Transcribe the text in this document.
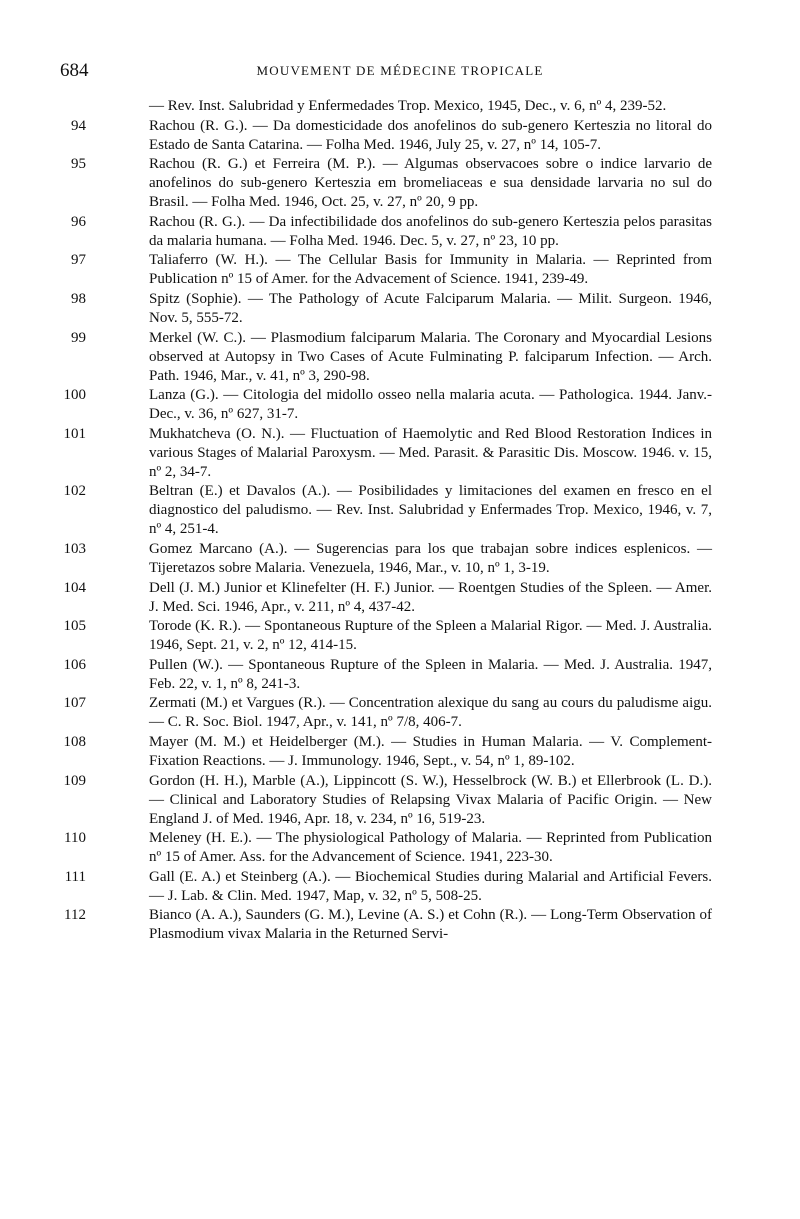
684	MOUVEMENT DE MÉDECINE TROPICALE
— Rev. Inst. Salubridad y Enfermedades Trop. Mexico, 1945, Dec., v. 6, nº 4, 239-52.
94	Rachou (R. G.). — Da domesticidade dos anofelinos do sub-genero Kerteszia no litoral do Estado de Santa Catarina. — Folha Med. 1946, July 25, v. 27, nº 14, 105-7.
95	Rachou (R. G.) et Ferreira (M. P.). — Algumas observacoes sobre o indice larvario de anofelinos do sub-genero Kerteszia em bromeliaceas e sua densidade larvaria no sul do Brasil. — Folha Med. 1946, Oct. 25, v. 27, nº 20, 9 pp.
96	Rachou (R. G.). — Da infectibilidade dos anofelinos do sub-genero Kerteszia pelos parasitas da malaria humana. — Folha Med. 1946. Dec. 5, v. 27, nº 23, 10 pp.
97	Taliaferro (W. H.). — The Cellular Basis for Immunity in Malaria. — Reprinted from Publication nº 15 of Amer. for the Advacement of Science. 1941, 239-49.
98	Spitz (Sophie). — The Pathology of Acute Falciparum Malaria. — Milit. Surgeon. 1946, Nov. 5, 555-72.
99	Merkel (W. C.). — Plasmodium falciparum Malaria. The Coronary and Myocardial Lesions observed at Autopsy in Two Cases of Acute Fulminating P. falciparum Infection. — Arch. Path. 1946, Mar., v. 41, nº 3, 290-98.
100	Lanza (G.). — Citologia del midollo osseo nella malaria acuta. — Pathologica. 1944. Janv.-Dec., v. 36, nº 627, 31-7.
101	Mukhatcheva (O. N.). — Fluctuation of Haemolytic and Red Blood Restoration Indices in various Stages of Malarial Paroxysm. — Med. Parasit. & Parasitic Dis. Moscow. 1946. v. 15, nº 2, 34-7.
102	Beltran (E.) et Davalos (A.). — Posibilidades y limitaciones del examen en fresco en el diagnostico del paludismo. — Rev. Inst. Salubridad y Enfermades Trop. Mexico, 1946, v. 7, nº 4, 251-4.
103	Gomez Marcano (A.). — Sugerencias para los que trabajan sobre indices esplenicos. — Tijeretazos sobre Malaria. Venezuela, 1946, Mar., v. 10, nº 1, 3-19.
104	Dell (J. M.) Junior et Klinefelter (H. F.) Junior. — Roentgen Studies of the Spleen. — Amer. J. Med. Sci. 1946, Apr., v. 211, nº 4, 437-42.
105	Torode (K. R.). — Spontaneous Rupture of the Spleen a Malarial Rigor. — Med. J. Australia. 1946, Sept. 21, v. 2, nº 12, 414-15.
106	Pullen (W.). — Spontaneous Rupture of the Spleen in Malaria. — Med. J. Australia. 1947, Feb. 22, v. 1, nº 8, 241-3.
107	Zermati (M.) et Vargues (R.). — Concentration alexique du sang au cours du paludisme aigu. — C. R. Soc. Biol. 1947, Apr., v. 141, nº 7/8, 406-7.
108	Mayer (M. M.) et Heidelberger (M.). — Studies in Human Malaria. — V. Complement-Fixation Reactions. — J. Immunology. 1946, Sept., v. 54, nº 1, 89-102.
109	Gordon (H. H.), Marble (A.), Lippincott (S. W.), Hesselbrock (W. B.) et Ellerbrook (L. D.). — Clinical and Laboratory Studies of Relapsing Vivax Malaria of Pacific Origin. — New England J. of Med. 1946, Apr. 18, v. 234, nº 16, 519-23.
110	Meleney (H. E.). — The physiological Pathology of Malaria. — Reprinted from Publication nº 15 of Amer. Ass. for the Advancement of Science. 1941, 223-30.
111	Gall (E. A.) et Steinberg (A.). — Biochemical Studies during Malarial and Artificial Fevers. — J. Lab. & Clin. Med. 1947, Map, v. 32, nº 5, 508-25.
112	Bianco (A. A.), Saunders (G. M.), Levine (A. S.) et Cohn (R.). — Long-Term Observation of Plasmodium vivax Malaria in the Returned Servi-
